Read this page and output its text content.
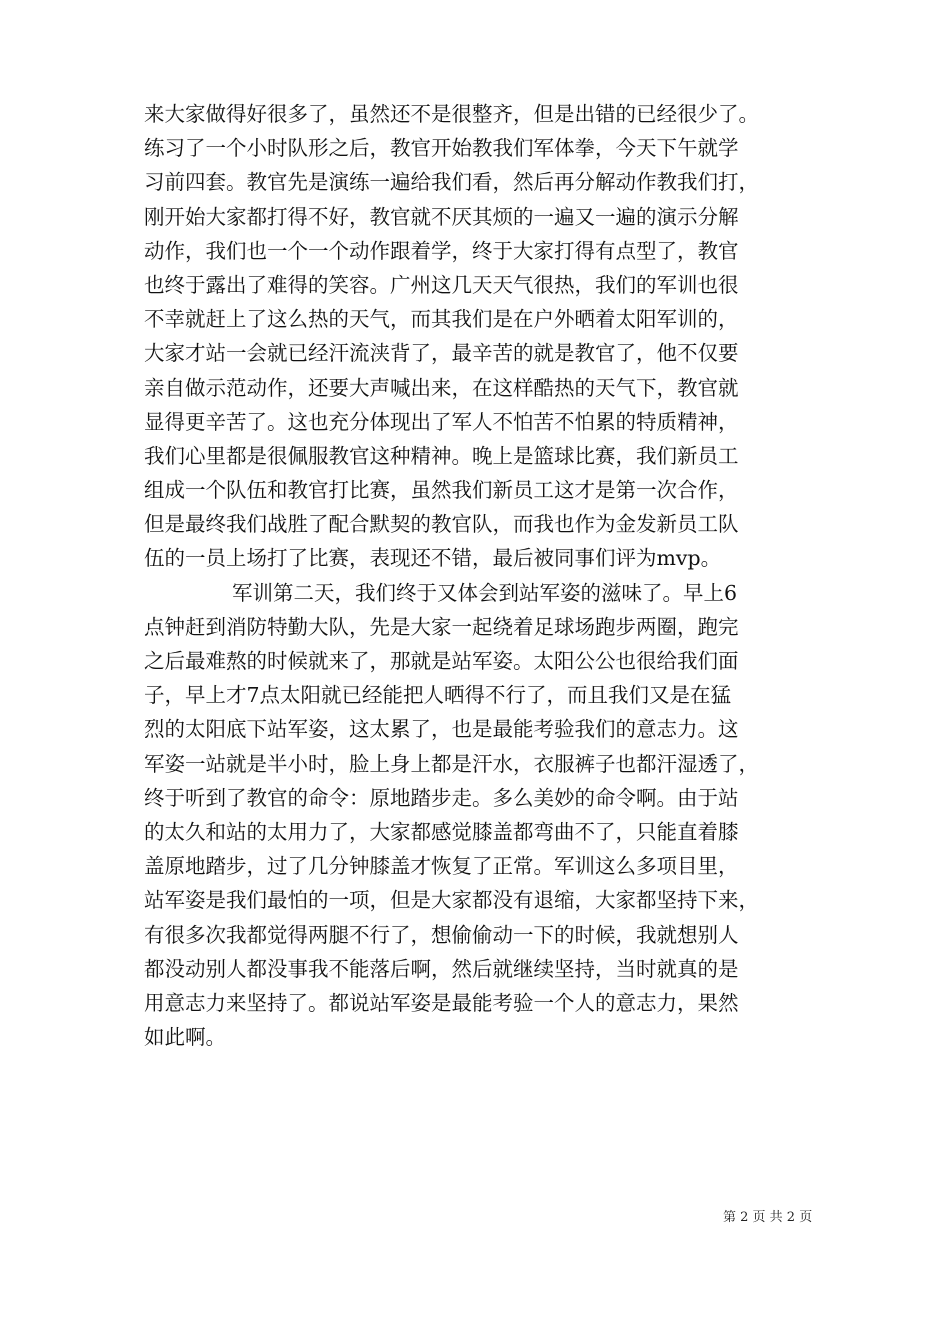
来大家做得好很多了，虽然还不是很整齐，但是出错的已经很少了。
练习了一个小时队形之后，教官开始教我们军体拳，今天下午就学
习前四套。教官先是演练一遍给我们看，然后再分解动作教我们打，
刚开始大家都打得不好，教官就不厌其烦的一遍又一遍的演示分解
动作，我们也一个一个动作跟着学，终于大家打得有点型了，教官
也终于露出了难得的笑容。广州这几天天气很热，我们的军训也很
不幸就赶上了这么热的天气，而其我们是在户外晒着太阳军训的，
大家才站一会就已经汗流浃背了，最辛苦的就是教官了，他不仅要
亲自做示范动作，还要大声喊出来，在这样酷热的天气下，教官就
显得更辛苦了。这也充分体现出了军人不怕苦不怕累的特质精神，
我们心里都是很佩服教官这种精神。晚上是篮球比赛，我们新员工
组成一个队伍和教官打比赛，虽然我们新员工这才是第一次合作，
但是最终我们战胜了配合默契的教官队，而我也作为金发新员工队
伍的一员上场打了比赛，表现还不错，最后被同事们评为mvp。
军训第二天，我们终于又体会到站军姿的滋味了。早上6
点钟赶到消防特勤大队，先是大家一起绕着足球场跑步两圈，跑完
之后最难熬的时候就来了，那就是站军姿。太阳公公也很给我们面
子，早上才7点太阳就已经能把人晒得不行了，而且我们又是在猛
烈的太阳底下站军姿，这太累了，也是最能考验我们的意志力。这
军姿一站就是半小时，脸上身上都是汗水，衣服裤子也都汗湿透了，
终于听到了教官的命令：原地踏步走。多么美妙的命令啊。由于站
的太久和站的太用力了，大家都感觉膝盖都弯曲不了，只能直着膝
盖原地踏步，过了几分钟膝盖才恢复了正常。军训这么多项目里，
站军姿是我们最怕的一项，但是大家都没有退缩，大家都坚持下来，
有很多次我都觉得两腿不行了，想偷偷动一下的时候，我就想别人
都没动别人都没事我不能落后啊，然后就继续坚持，当时就真的是
用意志力来坚持了。都说站军姿是最能考验一个人的意志力，果然
如此啊。
第 2 页 共 2 页
